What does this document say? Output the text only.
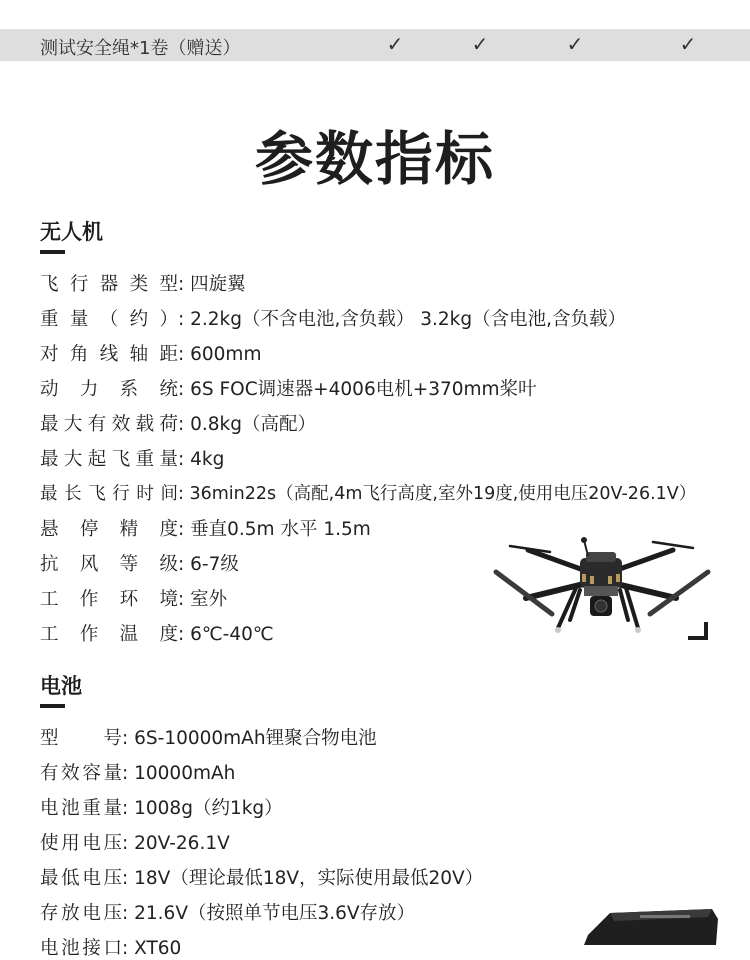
测试安全绳*1卷（赠送）	✓	✓	✓	✓
参数指标
无人机
飞行器类型: 四旋翼
重量（约）: 2.2kg（不含电池,含负载） 3.2kg（含电池,含负载）
对角线轴距: 600mm
动力系统: 6S FOC调速器+4006电机+370mm桨叶
最大有效载荷: 0.8kg（高配）
最大起飞重量: 4kg
最长飞行时间: 36min22s（高配,4m飞行高度,室外19度,使用电压20V-26.1V）
悬停精度: 垂直0.5m 水平 1.5m
抗风等级: 6-7级
工作环境: 室外
工作温度: 6℃-40℃
电池
型号: 6S-10000mAh锂聚合物电池
有效容量: 10000mAh
电池重量: 1008g（约1kg）
使用电压: 20V-26.1V
最低电压: 18V（理论最低18V，实际使用最低20V）
存放电压: 21.6V（按照单节电压3.6V存放）
电池接口: XT60
